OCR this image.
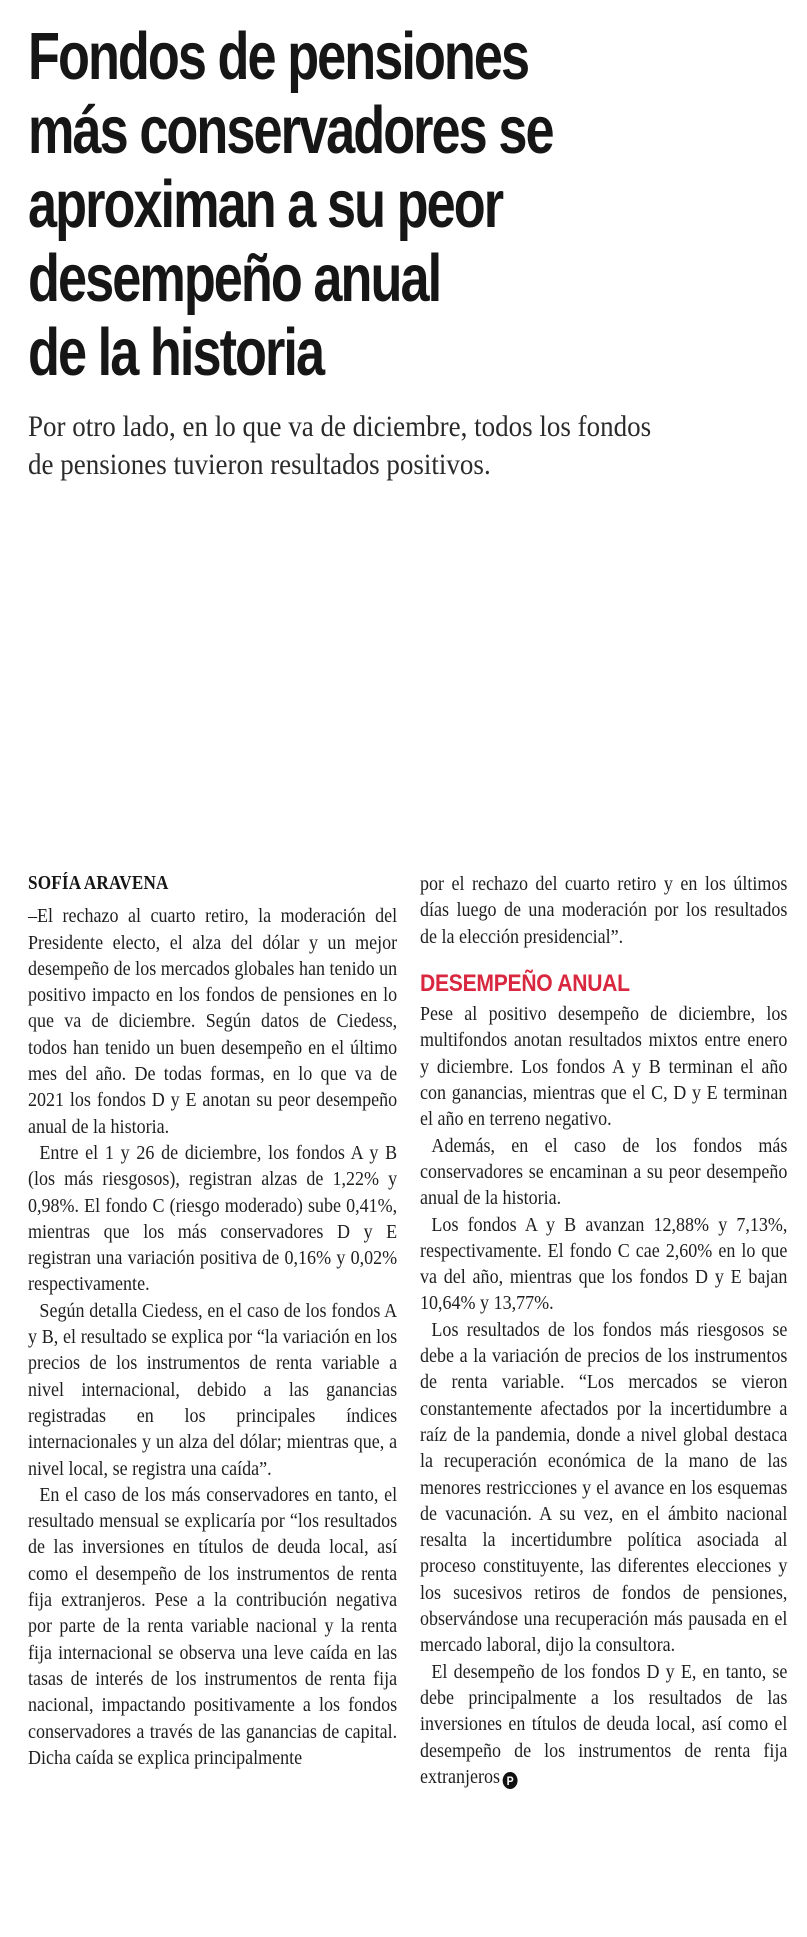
Fondos de pensiones
más conservadores se
aproximan a su peor
desempeño anual
de la historia

Por otro lado, en lo que va de diciembre, todos los fondos de pensiones tuvieron resultados positivos.

SOFÍA ARAVENA

–El rechazo al cuarto retiro, la moderación del Presidente electo, el alza del dólar y un mejor desempeño de los mercados globales han tenido un positivo impacto en los fondos de pensiones en lo que va de diciembre. Según datos de Ciedess, todos han tenido un buen desempeño en el último mes del año. De todas formas, en lo que va de 2021 los fondos D y E anotan su peor desempeño anual de la historia.

Entre el 1 y 26 de diciembre, los fondos A y B (los más riesgosos), registran alzas de 1,22% y 0,98%. El fondo C (riesgo moderado) sube 0,41%, mientras que los más conservadores D y E registran una variación positiva de 0,16% y 0,02% respectivamente.

Según detalla Ciedess, en el caso de los fondos A y B, el resultado se explica por “la variación en los precios de los instrumentos de renta variable a nivel internacional, debido a las ganancias registradas en los principales índices internacionales y un alza del dólar; mientras que, a nivel local, se registra una caída”.

En el caso de los más conservadores en tanto, el resultado mensual se explicaría por “los resultados de las inversiones en títulos de deuda local, así como el desempeño de los instrumentos de renta fija extranjeros. Pese a la contribución negativa por parte de la renta variable nacional y la renta fija internacional se observa una leve caída en las tasas de interés de los instrumentos de renta fija nacional, impactando positivamente a los fondos conservadores a través de las ganancias de capital. Dicha caída se explica principalmente

por el rechazo del cuarto retiro y en los últimos días luego de una moderación por los resultados de la elección presidencial”.

DESEMPEÑO ANUAL

Pese al positivo desempeño de diciembre, los multifondos anotan resultados mixtos entre enero y diciembre. Los fondos A y B terminan el año con ganancias, mientras que el C, D y E terminan el año en terreno negativo.

Además, en el caso de los fondos más conservadores se encaminan a su peor desempeño anual de la historia.

Los fondos A y B avanzan 12,88% y 7,13%, respectivamente. El fondo C cae 2,60% en lo que va del año, mientras que los fondos D y E bajan 10,64% y 13,77%.

Los resultados de los fondos más riesgosos se debe a la variación de precios de los instrumentos de renta variable. “Los mercados se vieron constantemente afectados por la incertidumbre a raíz de la pandemia, donde a nivel global destaca la recuperación económica de la mano de las menores restricciones y el avance en los esquemas de vacunación. A su vez, en el ámbito nacional resalta la incertidumbre política asociada al proceso constituyente, las diferentes elecciones y los sucesivos retiros de fondos de pensiones, observándose una recuperación más pausada en el mercado laboral, dijo la consultora.

El desempeño de los fondos D y E, en tanto, se debe principalmente a los resultados de las inversiones en títulos de deuda local, así como el desempeño de los instrumentos de renta fija extranjeros P
